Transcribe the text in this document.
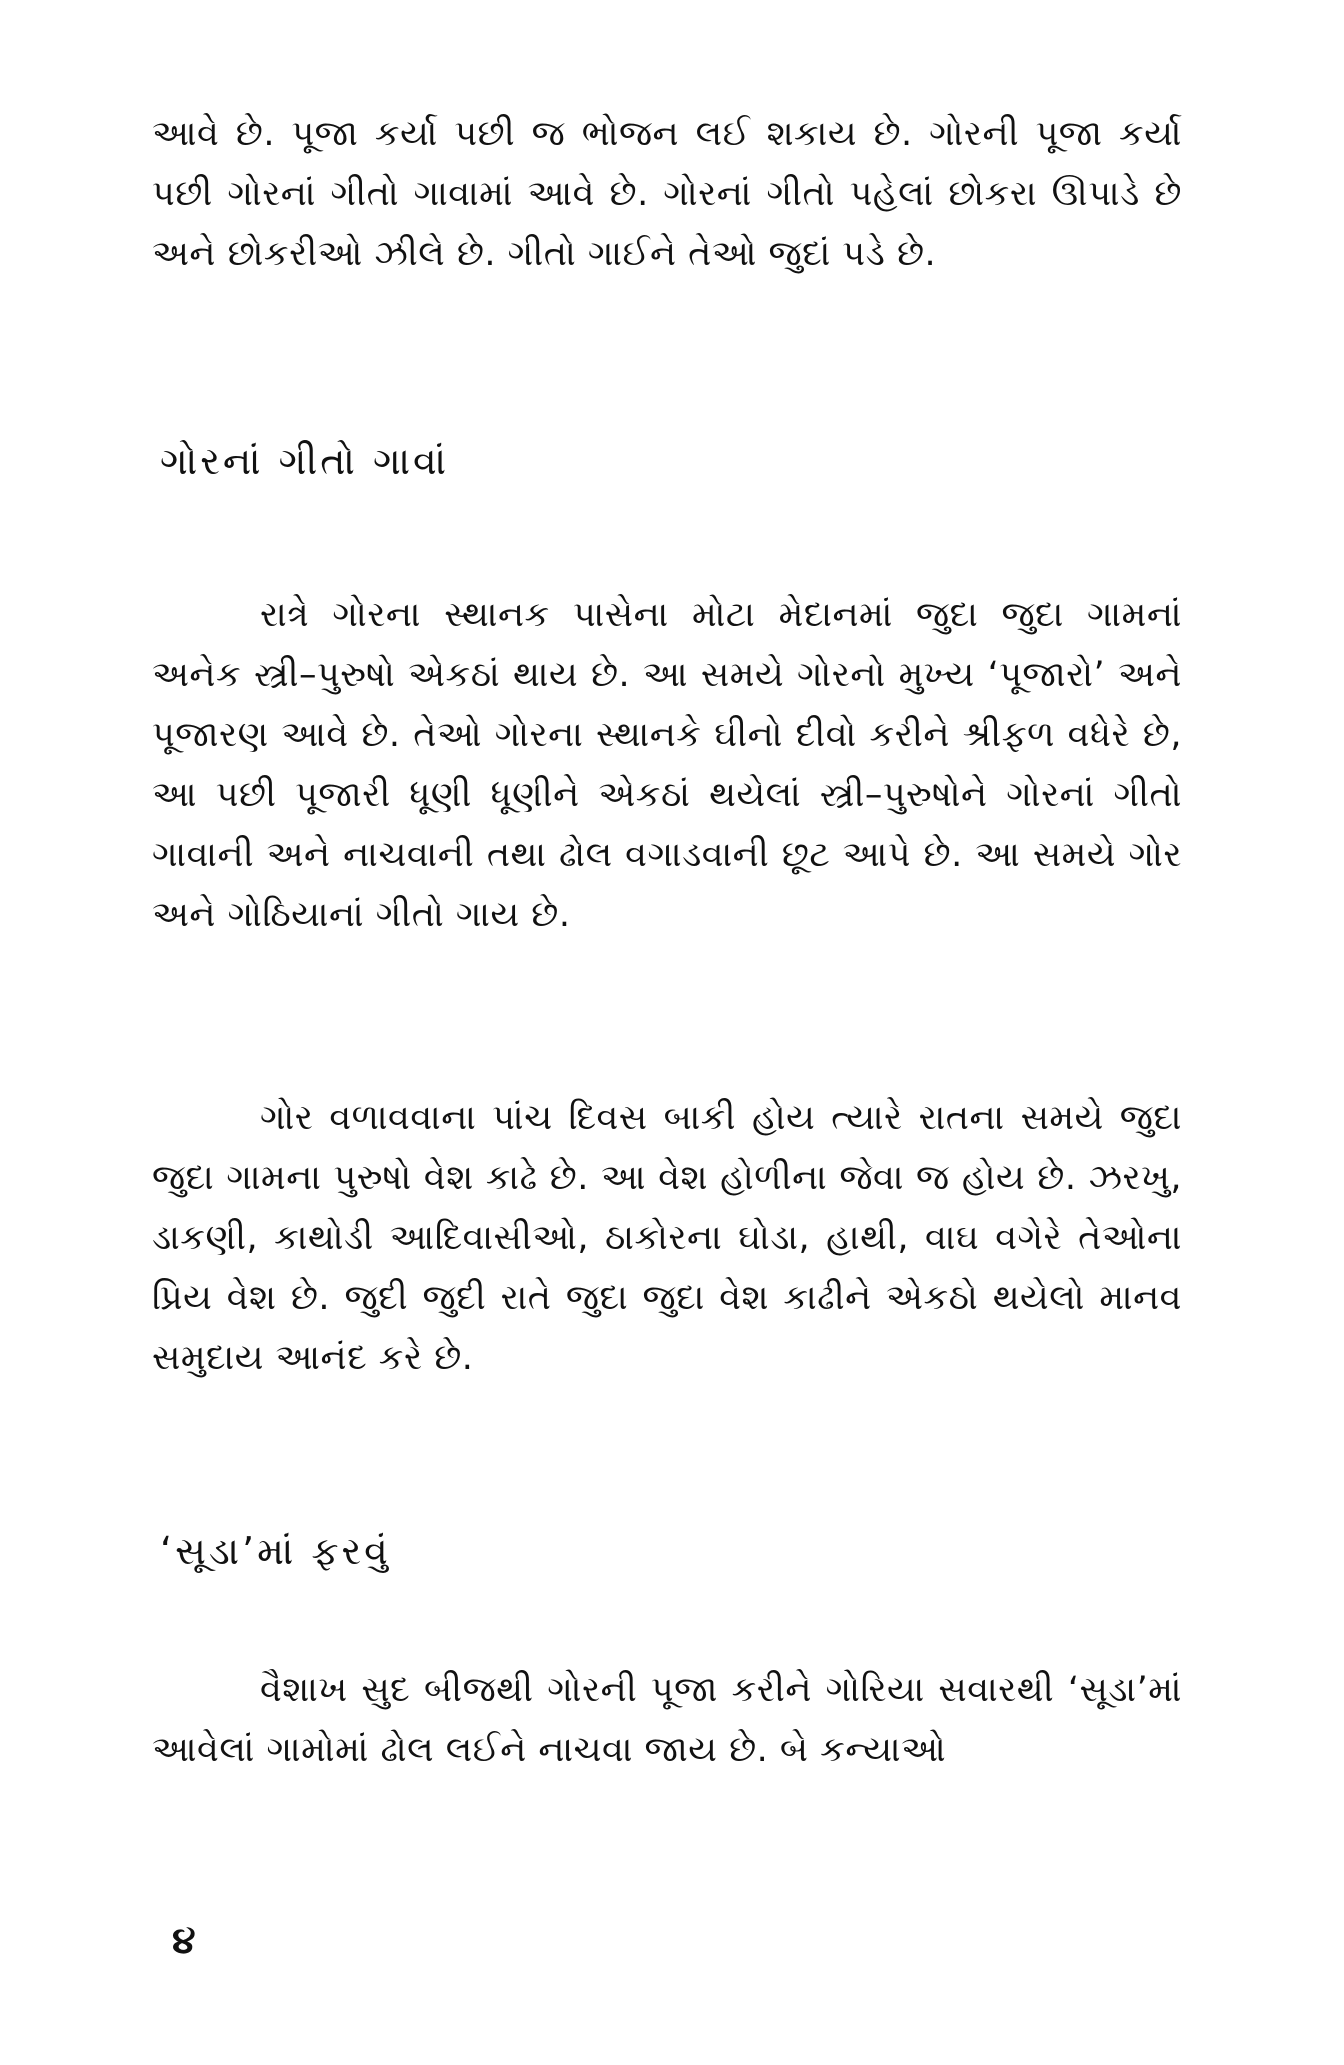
આવે છે. પૂજા કર્યા પછી જ ભોજન લઈ શકાય છે. ગોરની પૂજા કર્યા પછી ગોરનાં ગીતો ગાવામાં આવે છે. ગોરનાં ગીતો પહેલાં છોકરા ઊપાડે છે અને છોકરીઓ ઝીલે છે. ગીતો ગાઈને તેઓ જુદાં પડે છે.

ગોરનાં ગીતો ગાવાં

રાત્રે ગોરના સ્થાનક પાસેના મોટા મેદાનમાં જુદા જુદા ગામનાં અનેક સ્ત્રી–પુરુષો એકઠાં થાય છે. આ સમયે ગોરનો મુખ્ય ‘પૂજારો’ અને પૂજારણ આવે છે. તેઓ ગોરના સ્થાનકે ઘીનો દીવો કરીને શ્રીફળ વધેરે છે, આ પછી પૂજારી ધૂણી ધૂણીને એકઠાં થયેલાં સ્ત્રી–પુરુષોને ગોરનાં ગીતો ગાવાની અને નાચવાની તથા ઢોલ વગાડવાની છૂટ આપે છે. આ સમયે ગોર અને ગોઠિયાનાં ગીતો ગાય છે.

ગોર વળાવવાના પાંચ દિવસ બાકી હોય ત્યારે રાતના સમયે જુદા જુદા ગામના પુરુષો વેશ કાઢે છે. આ વેશ હોળીના જેવા જ હોય છે. ઝરખુ, ડાકણી, કાથોડી આદિવાસીઓ, ઠાકોરના ઘોડા, હાથી, વાઘ વગેરે તેઓના પ્રિય વેશ છે. જુદી જુદી રાતે જુદા જુદા વેશ કાઢીને એકઠો થયેલો માનવ સમુદાય આનંદ કરે છે.

‘સૂડા’માં ફરવું

વૈશાખ સુદ બીજથી ગોરની પૂજા કરીને ગોરિયા સવારથી ‘સૂડા’માં આવેલાં ગામોમાં ઢોલ લઈને નાચવા જાય છે. બે કન્યાઓ

૪
